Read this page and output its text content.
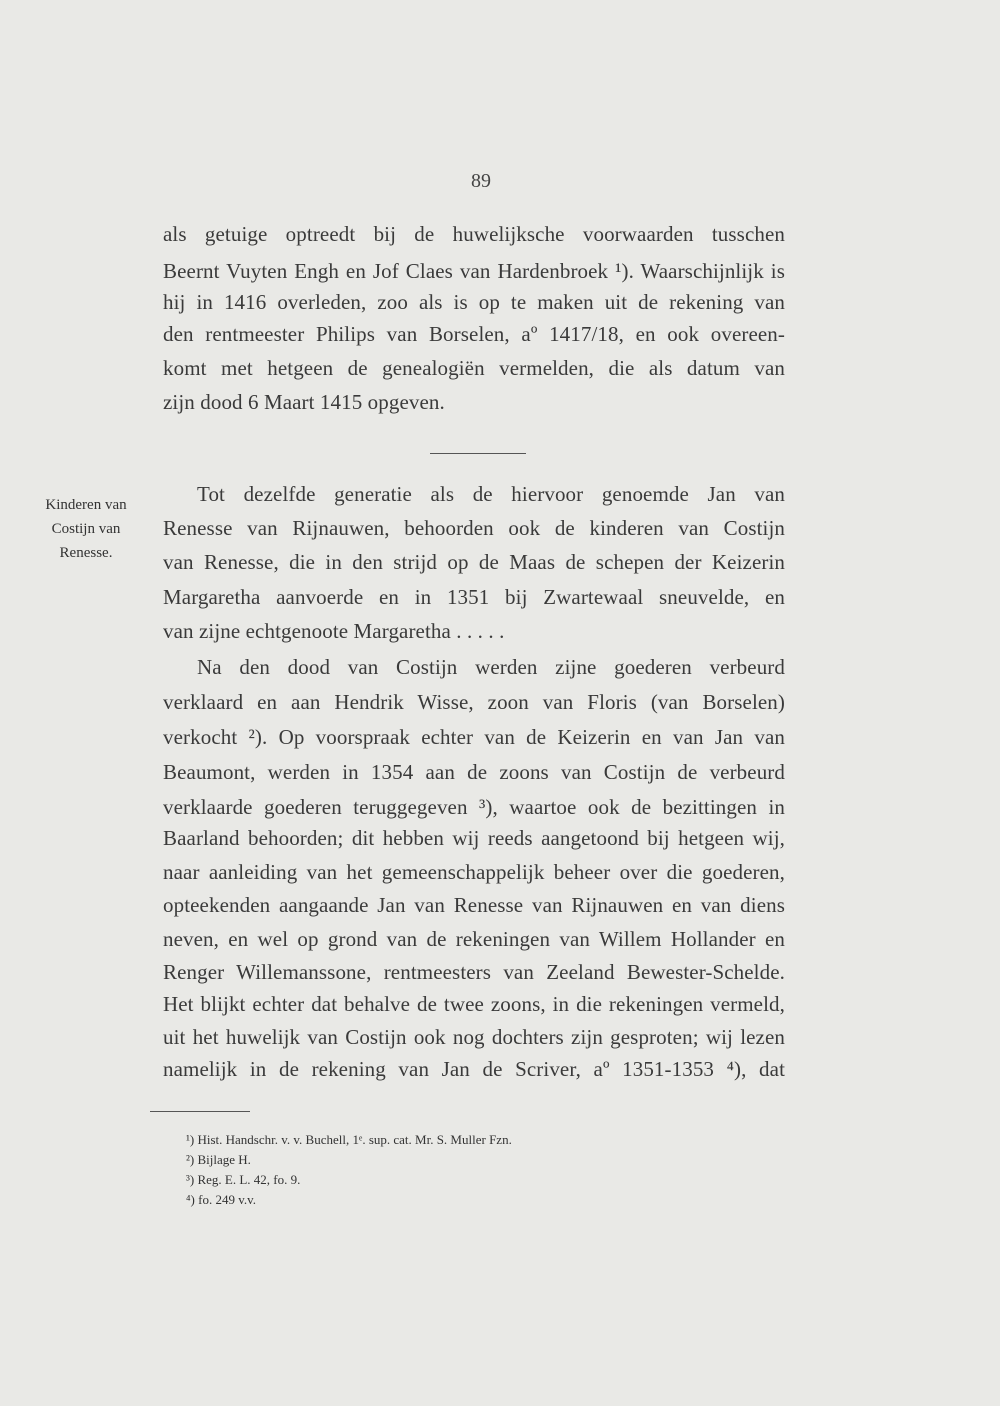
89
als getuige optreedt bij de huwelijksche voorwaarden tusschen
Beernt Vuyten Engh en Jof Claes van Hardenbroek ¹). Waarschijnlijk is
hij in 1416 overleden, zoo als is op te maken uit de rekening van
den rentmeester Philips van Borselen, aº 1417/18, en ook overeen-
komt met hetgeen de genealogiën vermelden, die als datum van
zijn dood 6 Maart 1415 opgeven.
Kinderen van
Costijn van
Renesse.
Tot dezelfde generatie als de hiervoor genoemde Jan van
Renesse van Rijnauwen, behoorden ook de kinderen van Costijn
van Renesse, die in den strijd op de Maas de schepen der Keizerin
Margaretha aanvoerde en in 1351 bij Zwartewaal sneuvelde, en
van zijne echtgenoote Margaretha . . . . .
Na den dood van Costijn werden zijne goederen verbeurd
verklaard en aan Hendrik Wisse, zoon van Floris (van Borselen)
verkocht ²). Op voorspraak echter van de Keizerin en van Jan van
Beaumont, werden in 1354 aan de zoons van Costijn de verbeurd
verklaarde goederen teruggegeven ³), waartoe ook de bezittingen in
Baarland behoorden; dit hebben wij reeds aangetoond bij hetgeen wij,
naar aanleiding van het gemeenschappelijk beheer over die goederen,
opteekenden aangaande Jan van Renesse van Rijnauwen en van diens
neven, en wel op grond van de rekeningen van Willem Hollander en
Renger Willemanssone, rentmeesters van Zeeland Bewester-Schelde.
Het blijkt echter dat behalve de twee zoons, in die rekeningen vermeld,
uit het huwelijk van Costijn ook nog dochters zijn gesproten; wij lezen
namelijk in de rekening van Jan de Scriver, aº 1351-1353 ⁴), dat
¹) Hist. Handschr. v. v. Buchell, 1ᵉ. sup. cat. Mr. S. Muller Fzn.
²) Bijlage H.
³) Reg. E. L. 42, fo. 9.
⁴) fo. 249 v.v.
